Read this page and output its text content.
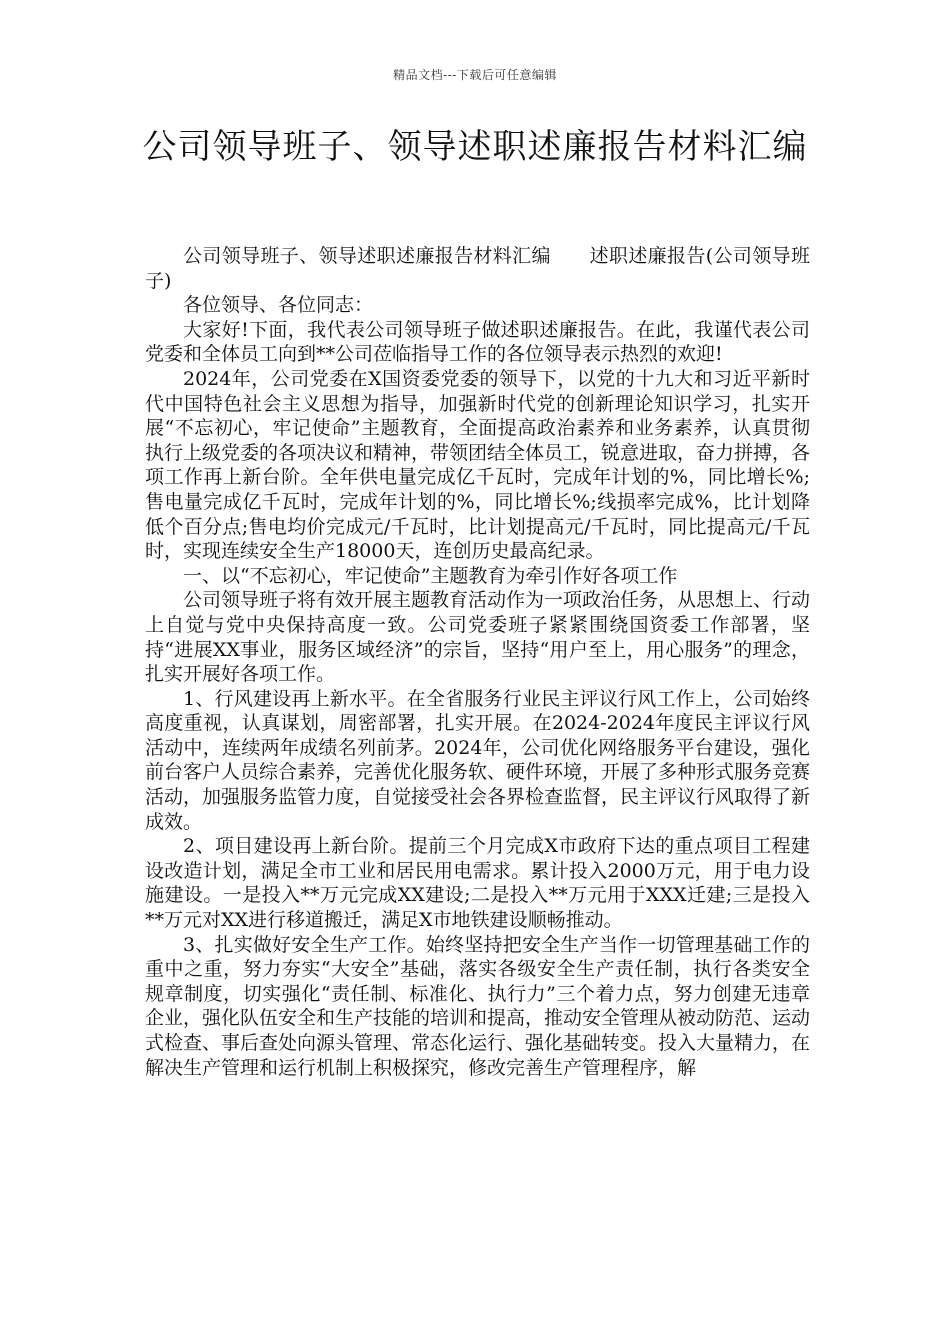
精品文档---下载后可任意编辑
公司领导班子、领导述职述廉报告材料汇编

公司领导班子、领导述职述廉报告材料汇编　　述职述廉报告(公司领导班子)

各位领导、各位同志：

大家好!下面，我代表公司领导班子做述职述廉报告。在此，我谨代表公司党委和全体员工向到**公司莅临指导工作的各位领导表示热烈的欢迎!

2024年，公司党委在X国资委党委的领导下，以党的十九大和习近平新时代中国特色社会主义思想为指导，加强新时代党的创新理论知识学习，扎实开展“不忘初心，牢记使命”主题教育，全面提高政治素养和业务素养，认真贯彻执行上级党委的各项决议和精神，带领团结全体员工，锐意进取，奋力拼搏，各项工作再上新台阶。全年供电量完成亿千瓦时，完成年计划的%，同比增长%;售电量完成亿千瓦时，完成年计划的%，同比增长%;线损率完成%，比计划降低个百分点;售电均价完成元/千瓦时，比计划提高元/千瓦时，同比提高元/千瓦时，实现连续安全生产18000天，连创历史最高纪录。

一、以“不忘初心，牢记使命”主题教育为牵引作好各项工作

公司领导班子将有效开展主题教育活动作为一项政治任务，从思想上、行动上自觉与党中央保持高度一致。公司党委班子紧紧围绕国资委工作部署，坚持“进展XX事业，服务区域经济”的宗旨，坚持“用户至上，用心服务”的理念，扎实开展好各项工作。

1、行风建设再上新水平。在全省服务行业民主评议行风工作上，公司始终高度重视，认真谋划，周密部署，扎实开展。在2024-2024年度民主评议行风活动中，连续两年成绩名列前茅。2024年，公司优化网络服务平台建设，强化前台客户人员综合素养，完善优化服务软、硬件环境，开展了多种形式服务竞赛活动，加强服务监管力度，自觉接受社会各界检查监督，民主评议行风取得了新成效。

2、项目建设再上新台阶。提前三个月完成X市政府下达的重点项目工程建设改造计划，满足全市工业和居民用电需求。累计投入2000万元，用于电力设施建设。一是投入**万元完成XX建设;二是投入**万元用于XXX迁建;三是投入**万元对XX进行移道搬迁，满足X市地铁建设顺畅推动。

3、扎实做好安全生产工作。始终坚持把安全生产当作一切管理基础工作的重中之重，努力夯实“大安全”基础，落实各级安全生产责任制，执行各类安全规章制度，切实强化“责任制、标准化、执行力”三个着力点，努力创建无违章企业，强化队伍安全和生产技能的培训和提高，推动安全管理从被动防范、运动式检查、事后查处向源头管理、常态化运行、强化基础转变。投入大量精力，在解决生产管理和运行机制上积极探究，修改完善生产管理程序，解
